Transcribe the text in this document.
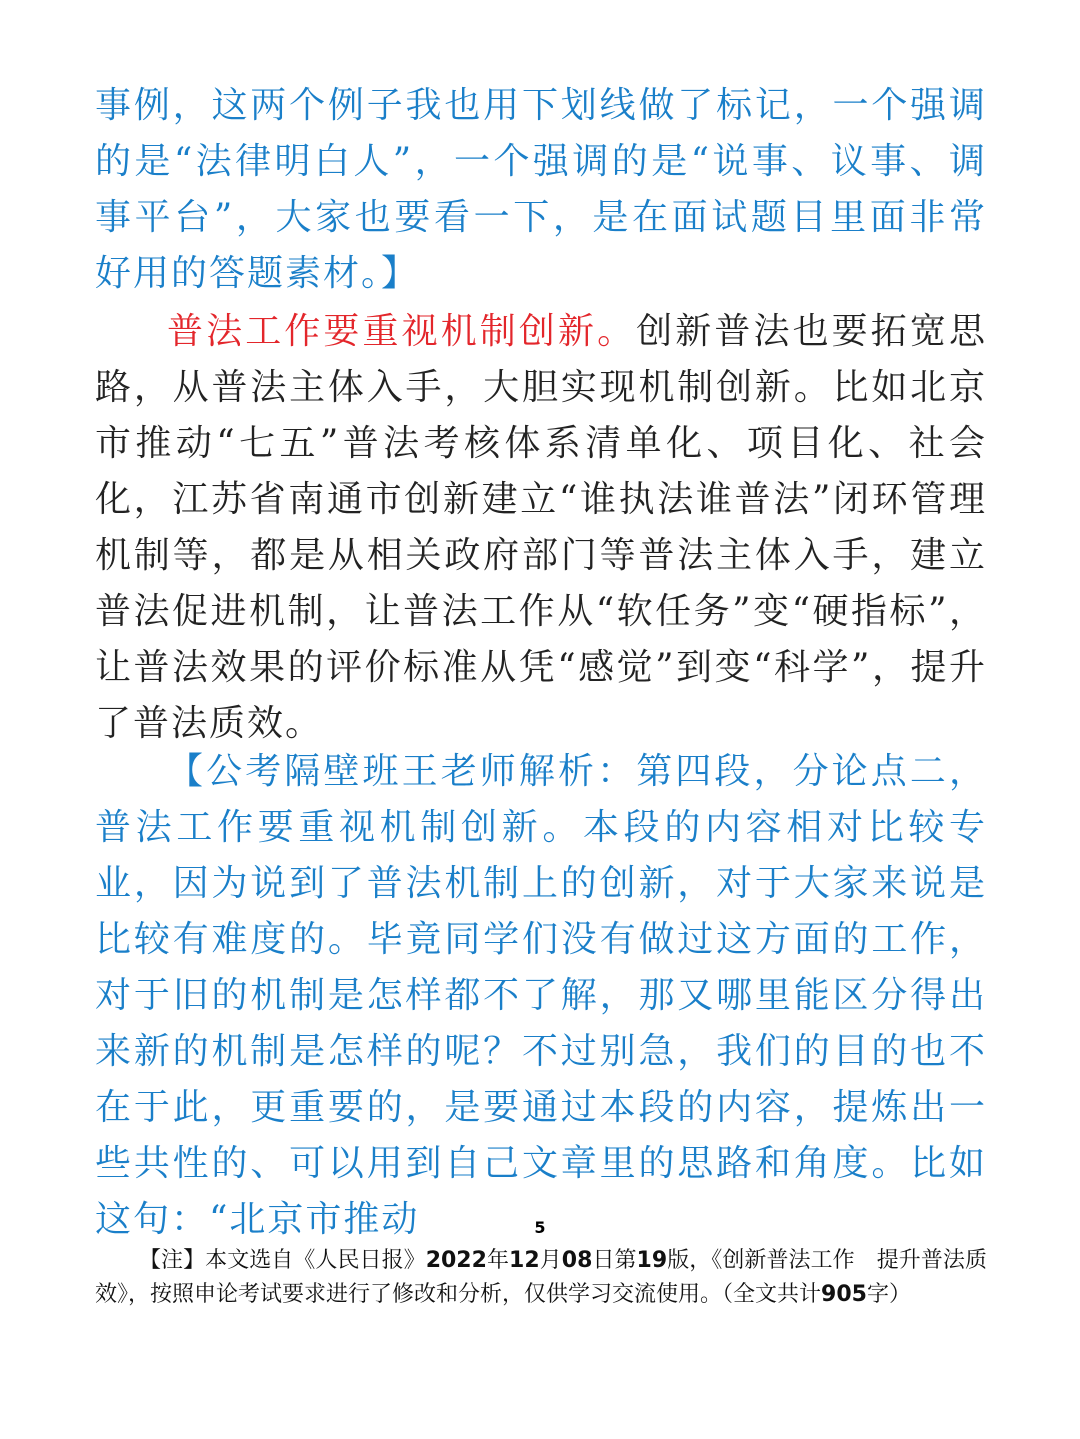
事例，这两个例子我也用下划线做了标记，一个强调的是“法律明白人”，一个强调的是“说事、议事、调事平台”，大家也要看一下，是在面试题目里面非常好用的答题素材。】

普法工作要重视机制创新。创新普法也要拓宽思路，从普法主体入手，大胆实现机制创新。比如北京市推动“七五”普法考核体系清单化、项目化、社会化，江苏省南通市创新建立“谁执法谁普法”闭环管理机制等，都是从相关政府部门等普法主体入手，建立普法促进机制，让普法工作从“软任务”变“硬指标”，让普法效果的评价标准从凭“感觉”到变“科学”，提升了普法质效。

【公考隔壁班王老师解析：第四段，分论点二，普法工作要重视机制创新。本段的内容相对比较专业，因为说到了普法机制上的创新，对于大家来说是比较有难度的。毕竟同学们没有做过这方面的工作，对于旧的机制是怎样都不了解，那又哪里能区分得出来新的机制是怎样的呢？不过别急，我们的目的也不在于此，更重要的，是要通过本段的内容，提炼出一些共性的、可以用到自己文章里的思路和角度。比如这句：“北京市推动	5
【注】本文选自《人民日报》2022年12月08日第19版，《创新普法工作　提升普法质效》，按照申论考试要求进行了修改和分析，仅供学习交流使用。（全文共计905字）
